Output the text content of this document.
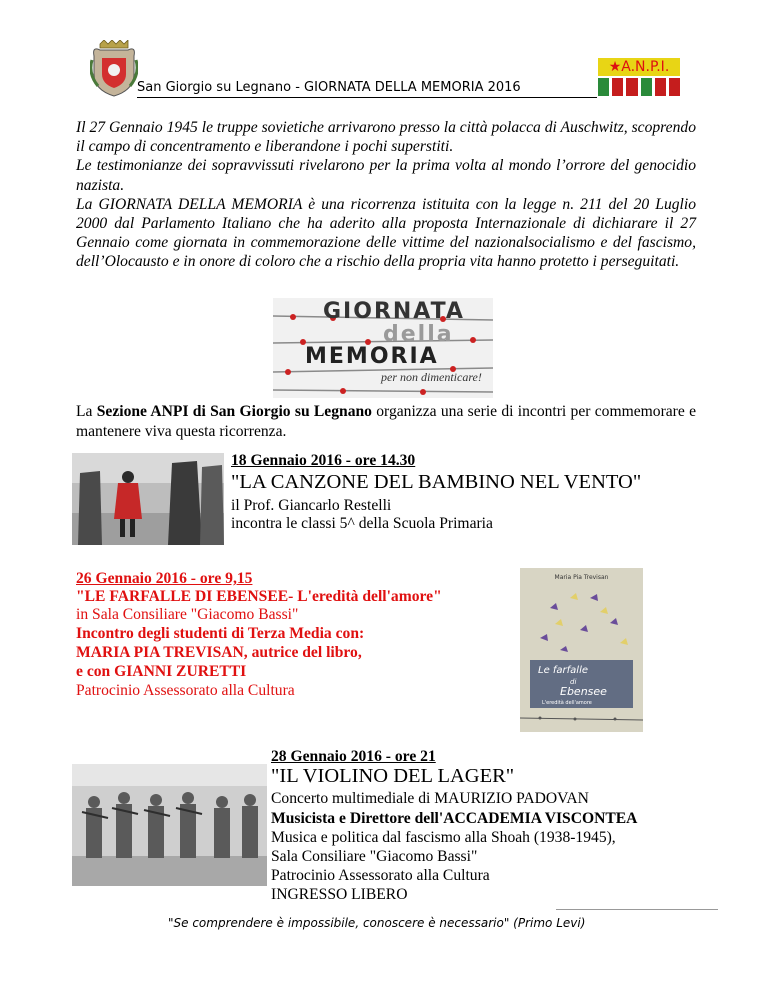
San Giorgio su Legnano - GIORNATA DELLA MEMORIA 2016
★A.N.P.I.

Il 27 Gennaio 1945 le truppe sovietiche arrivarono presso la città polacca di Auschwitz, scoprendo il campo di concentramento e liberandone i pochi superstiti.

Le testimonianze dei sopravvissuti rivelarono per la prima volta al mondo l’orrore del genocidio nazista.

La GIORNATA DELLA MEMORIA è una ricorrenza istituita con la legge n. 211 del 20 Luglio 2000 dal Parlamento Italiano che ha aderito alla proposta Internazionale di dichiarare il 27 Gennaio come giornata in commemorazione delle vittime del nazionalsocialismo e del fascismo, dell’Olocausto e in onore di coloro che a rischio della propria vita hanno protetto i perseguitati.

GIORNATA
della
MEMORIA
per non dimenticare!
La Sezione ANPI di San Giorgio su Legnano organizza una serie di incontri per commemorare e mantenere viva questa ricorrenza.
18 Gennaio 2016 - ore 14.30
"LA CANZONE DEL BAMBINO NEL VENTO"
il Prof. Giancarlo Restelli
incontra le classi 5^ della Scuola Primaria
26 Gennaio 2016 - ore 9,15
"LE FARFALLE DI EBENSEE- L'eredità dell'amore"
in Sala Consiliare "Giacomo Bassi"
Incontro degli studenti di Terza Media con:
MARIA PIA TREVISAN, autrice del libro,
e con GIANNI ZURETTI
Patrocinio Assessorato alla Cultura
Maria Pia Trevisan
Le farfalle
di
Ebensee
L'eredità dell'amore
28 Gennaio 2016 - ore 21
"IL VIOLINO DEL LAGER"
Concerto multimediale di MAURIZIO PADOVAN
Musicista e Direttore dell'ACCADEMIA VISCONTEA
Musica e politica dal fascismo alla Shoah (1938-1945),
Sala Consiliare "Giacomo Bassi"
Patrocinio Assessorato alla Cultura
INGRESSO LIBERO
"Se comprendere è impossibile, conoscere è necessario" (Primo Levi)
